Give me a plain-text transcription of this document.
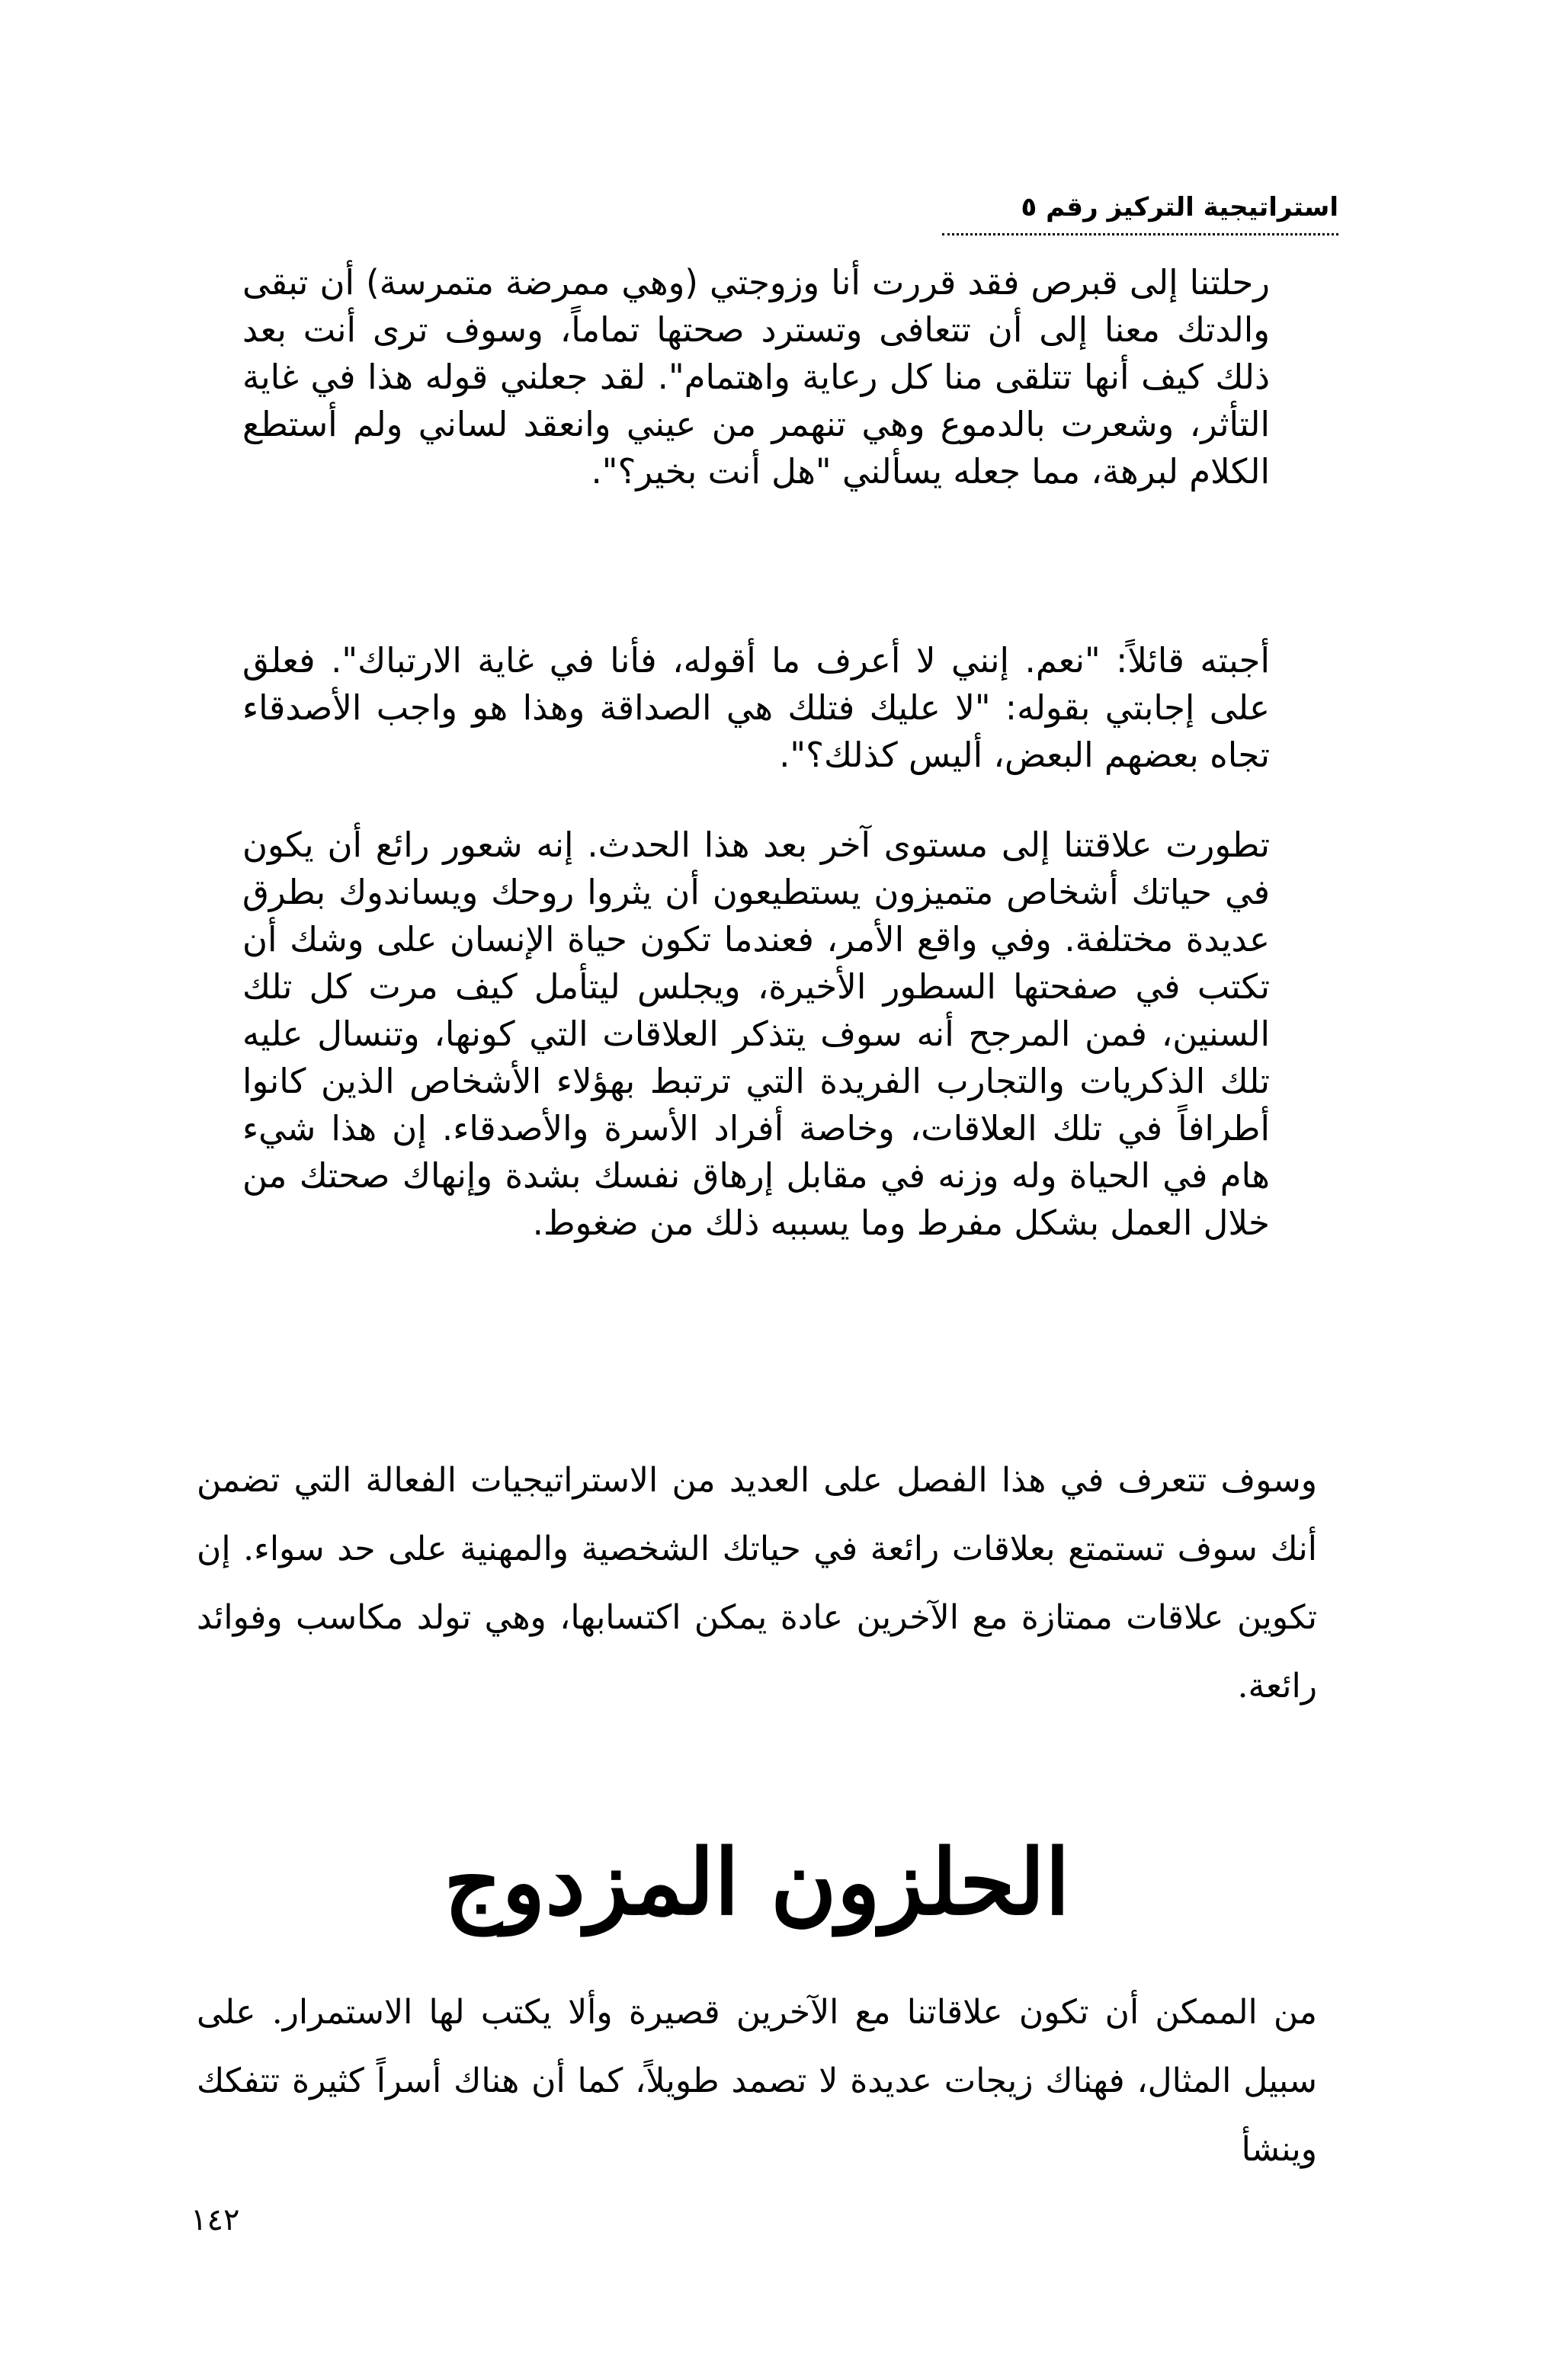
استراتيجية التركيز رقم ٥

رحلتنا إلى قبرص فقد قررت أنا وزوجتي (وهي ممرضة متمرسة) أن تبقى والدتك معنا إلى أن تتعافى وتسترد صحتها تماماً، وسوف ترى أنت بعد ذلك كيف أنها تتلقى منا كل رعاية واهتمام". لقد جعلني قوله هذا في غاية التأثر، وشعرت بالدموع وهي تنهمر من عيني وانعقد لساني ولم أستطع الكلام لبرهة، مما جعله يسألني "هل أنت بخير؟".

أجبته قائلاً: "نعم. إنني لا أعرف ما أقوله، فأنا في غاية الارتباك". فعلق على إجابتي بقوله: "لا عليك فتلك هي الصداقة وهذا هو واجب الأصدقاء تجاه بعضهم البعض، أليس كذلك؟".

تطورت علاقتنا إلى مستوى آخر بعد هذا الحدث. إنه شعور رائع أن يكون في حياتك أشخاص متميزون يستطيعون أن يثروا روحك ويساندوك بطرق عديدة مختلفة. وفي واقع الأمر، فعندما تكون حياة الإنسان على وشك أن تكتب في صفحتها السطور الأخيرة، ويجلس ليتأمل كيف مرت كل تلك السنين، فمن المرجح أنه سوف يتذكر العلاقات التي كونها، وتنسال عليه تلك الذكريات والتجارب الفريدة التي ترتبط بهؤلاء الأشخاص الذين كانوا أطرافاً في تلك العلاقات، وخاصة أفراد الأسرة والأصدقاء. إن هذا شيء هام في الحياة وله وزنه في مقابل إرهاق نفسك بشدة وإنهاك صحتك من خلال العمل بشكل مفرط وما يسببه ذلك من ضغوط.

وسوف تتعرف في هذا الفصل على العديد من الاستراتيجيات الفعالة التي تضمن أنك سوف تستمتع بعلاقات رائعة في حياتك الشخصية والمهنية على حد سواء. إن تكوين علاقات ممتازة مع الآخرين عادة يمكن اكتسابها، وهي تولد مكاسب وفوائد رائعة.

الحلزون المزدوج

من الممكن أن تكون علاقاتنا مع الآخرين قصيرة وألا يكتب لها الاستمرار. على سبيل المثال، فهناك زيجات عديدة لا تصمد طويلاً، كما أن هناك أسراً كثيرة تتفكك وينشأ

١٤٢
